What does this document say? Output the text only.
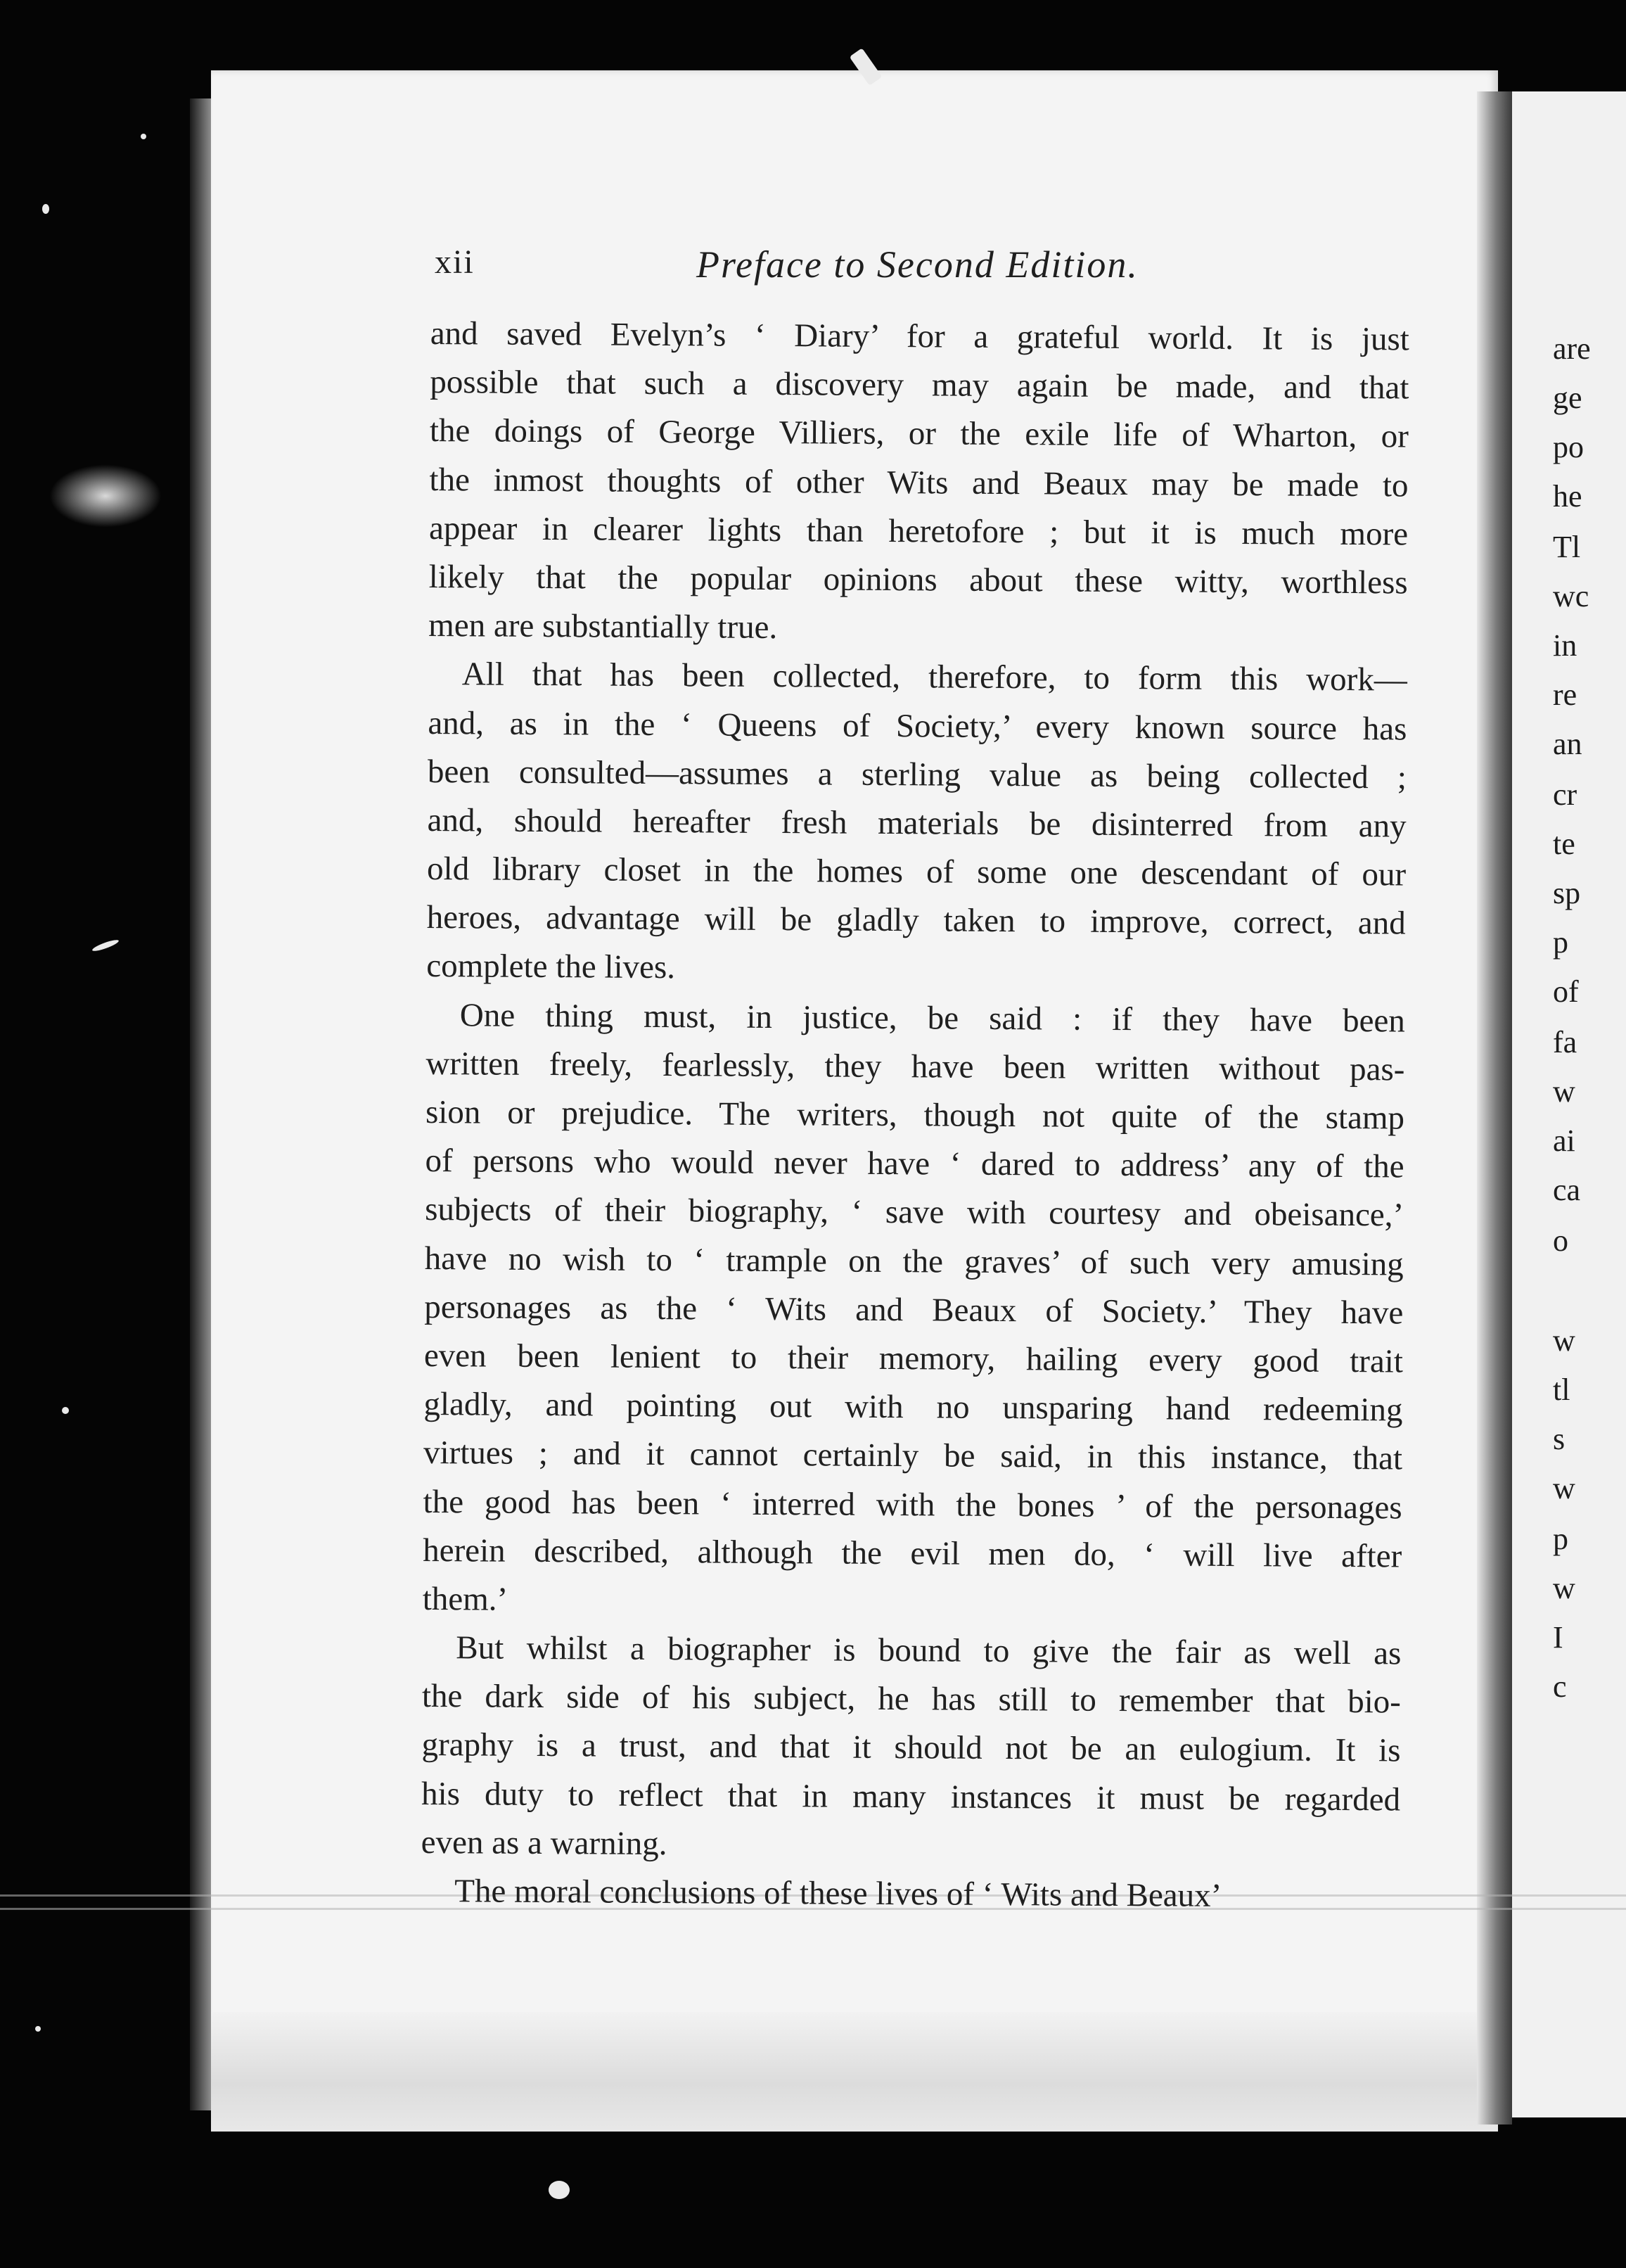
xii	Preface to Second Edition.
and saved Evelyn’s ‘ Diary’ for a grateful world. It is just
possible that such a discovery may again be made, and that
the doings of George Villiers, or the exile life of Wharton, or
the inmost thoughts of other Wits and Beaux may be made to
appear in clearer lights than heretofore ; but it is much more
likely that the popular opinions about these witty, worthless
men are substantially true.
All that has been collected, therefore, to form this work—
and, as in the ‘ Queens of Society,’ every known source has
been consulted—assumes a sterling value as being collected ;
and, should hereafter fresh materials be disinterred from any
old library closet in the homes of some one descendant of our
heroes, advantage will be gladly taken to improve, correct, and
complete the lives.
One thing must, in justice, be said : if they have been
written freely, fearlessly, they have been written without pas-
sion or prejudice. The writers, though not quite of the stamp
of persons who would never have ‘ dared to address’ any of the
subjects of their biography, ‘ save with courtesy and obeisance,’
have no wish to ‘ trample on the graves’ of such very amusing
personages as the ‘ Wits and Beaux of Society.’ They have
even been lenient to their memory, hailing every good trait
gladly, and pointing out with no unsparing hand redeeming
virtues ; and it cannot certainly be said, in this instance, that
the good has been ‘ interred with the bones ’ of the personages
herein described, although the evil men do, ‘ will live after
them.’
But whilst a biographer is bound to give the fair as well as
the dark side of his subject, he has still to remember that bio-
graphy is a trust, and that it should not be an eulogium. It is
his duty to reflect that in many instances it must be regarded
even as a warning.
The moral conclusions of these lives of ‘ Wits and Beaux’
are
ge
po
he
Tl
wc
in
re
an
cr
te
sp
p
of
fa
w
ai
ca
o
w
tl
s
w
p
w
I
c
